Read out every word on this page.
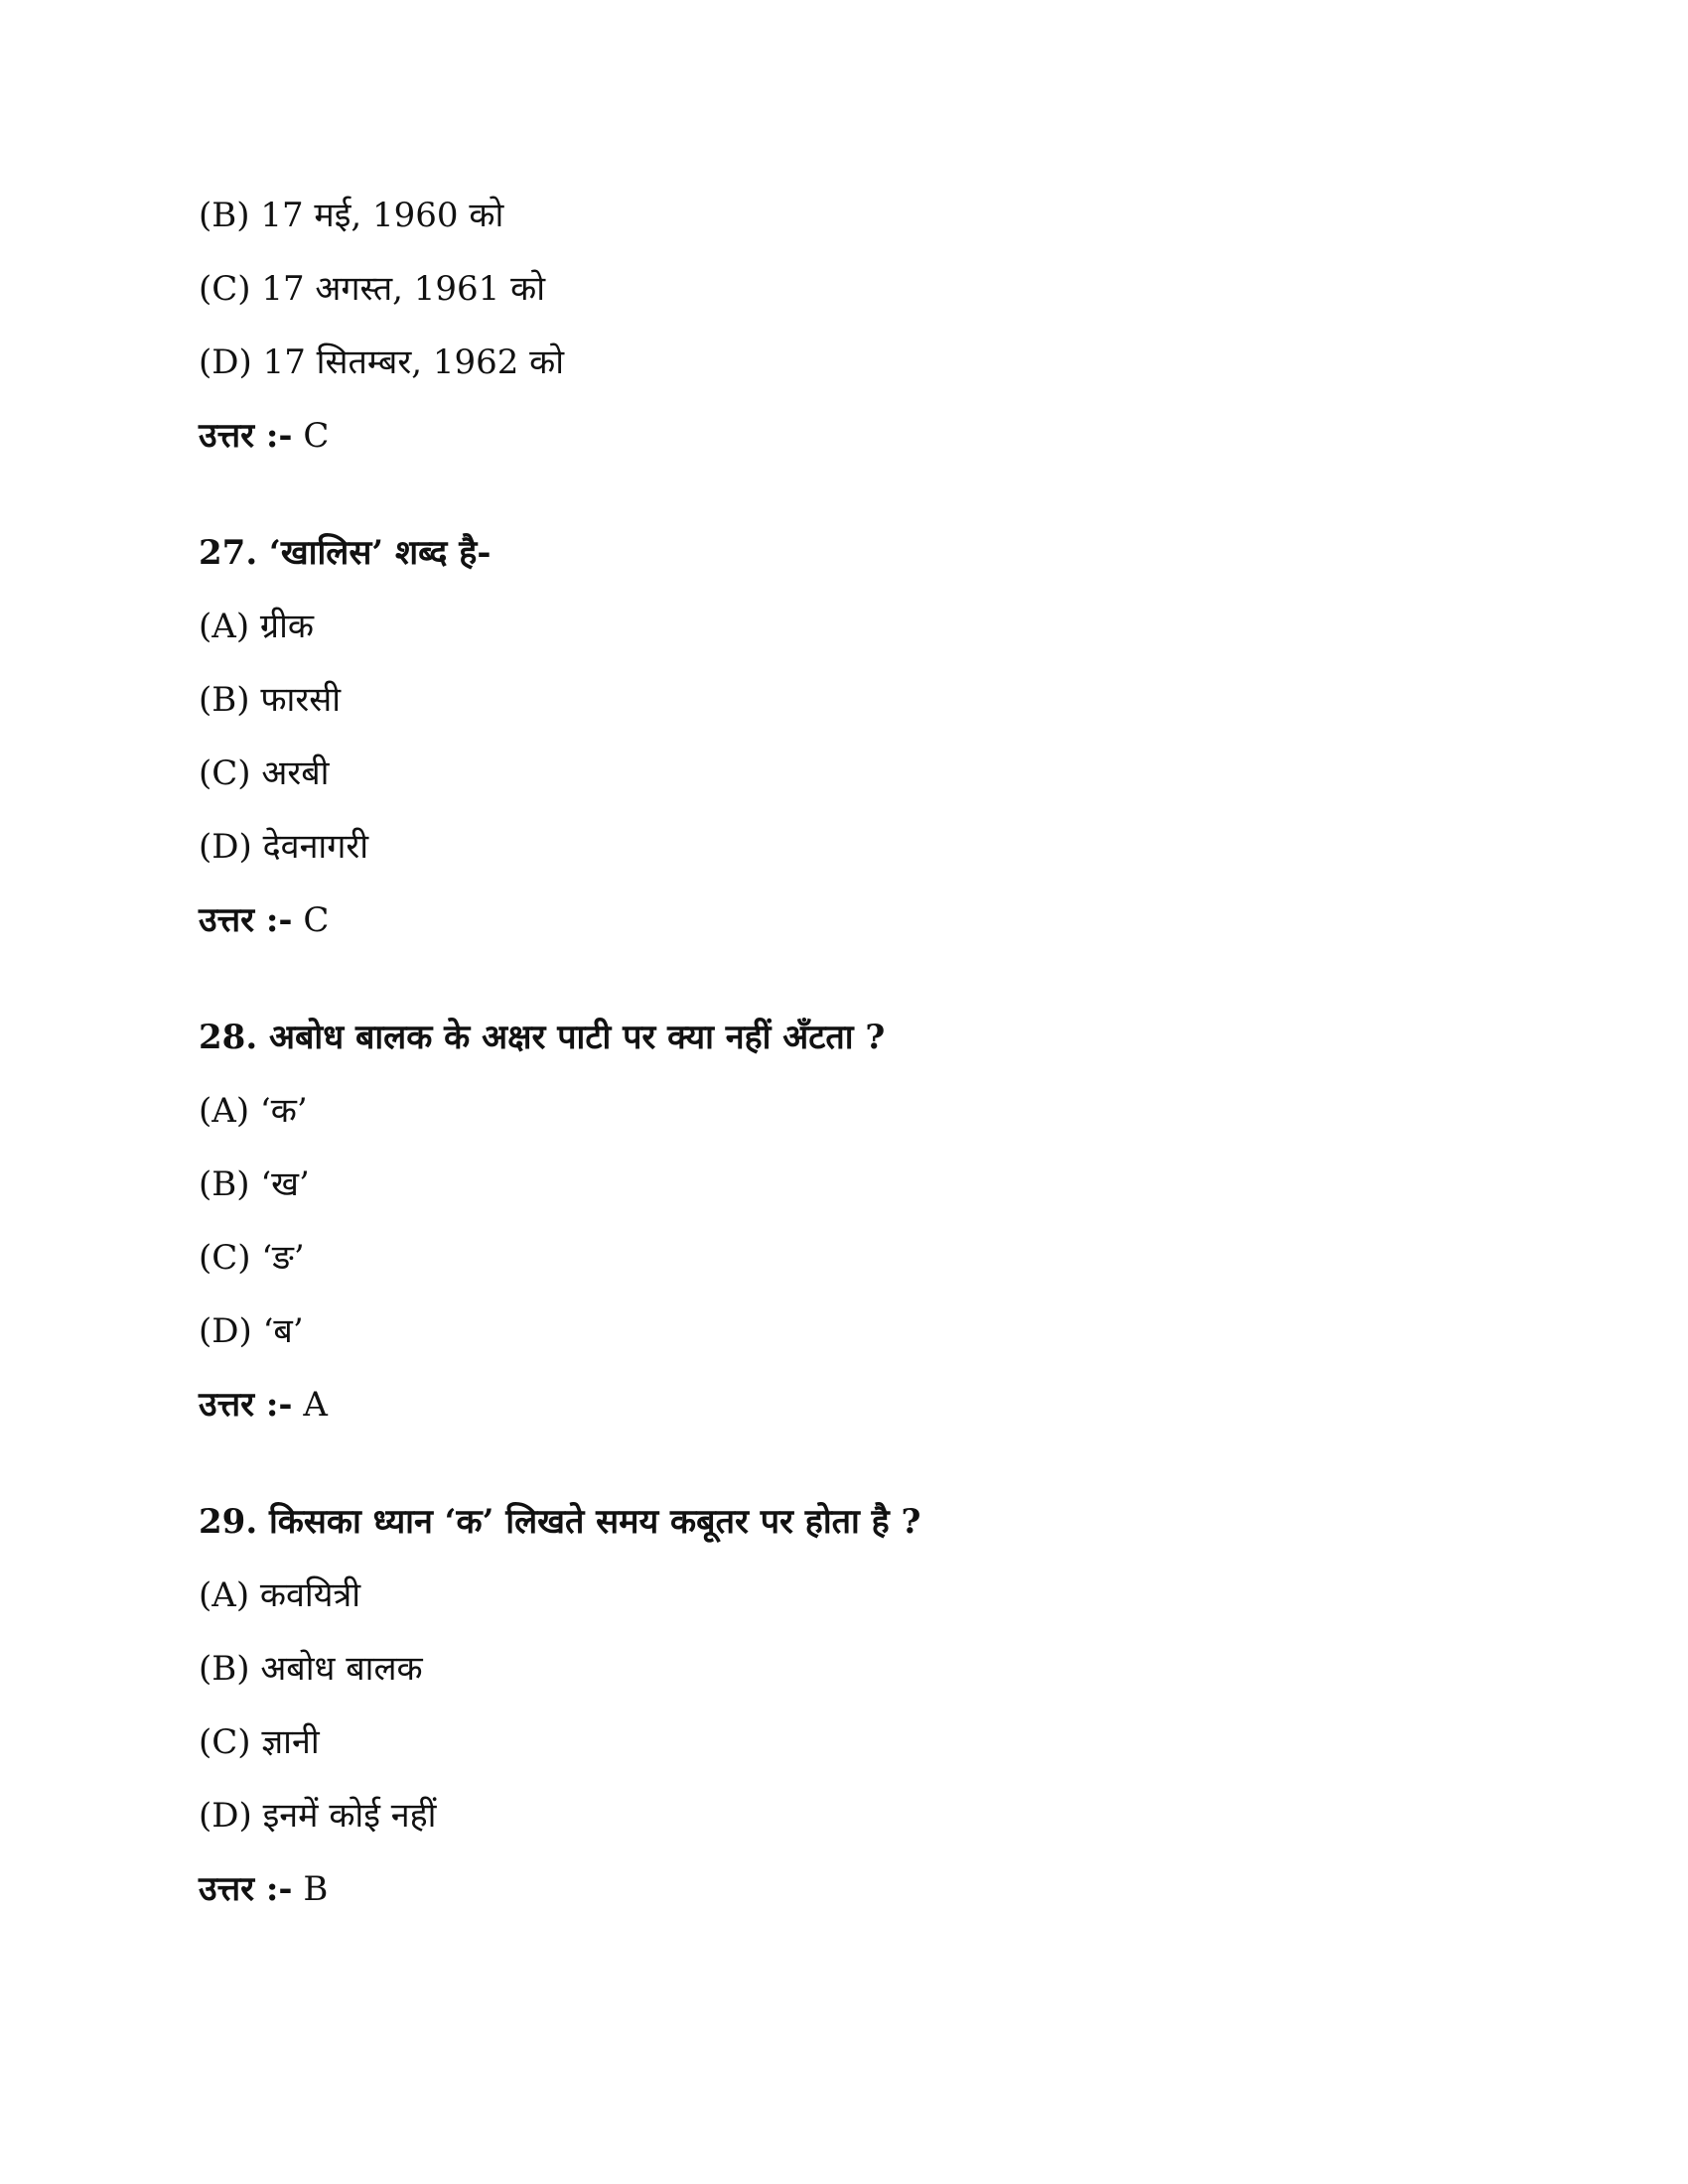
(B) 17 मई, 1960 को

(C) 17 अगस्त, 1961 को

(D) 17 सितम्बर, 1962 को

उत्तर :- C

27. ‘खालिस’ शब्द है-

(A) ग्रीक

(B) फारसी

(C) अरबी

(D) देवनागरी

उत्तर :- C

28. अबोध बालक के अक्षर पाटी पर क्या नहीं अँटता ?

(A) ‘क’

(B) ‘ख’

(C) ‘ङ’

(D) ‘ब’

उत्तर :- A

29. किसका ध्यान ‘क’ लिखते समय कबूतर पर होता है ?

(A) कवयित्री

(B) अबोध बालक

(C) ज्ञानी

(D) इनमें कोई नहीं

उत्तर :- B
